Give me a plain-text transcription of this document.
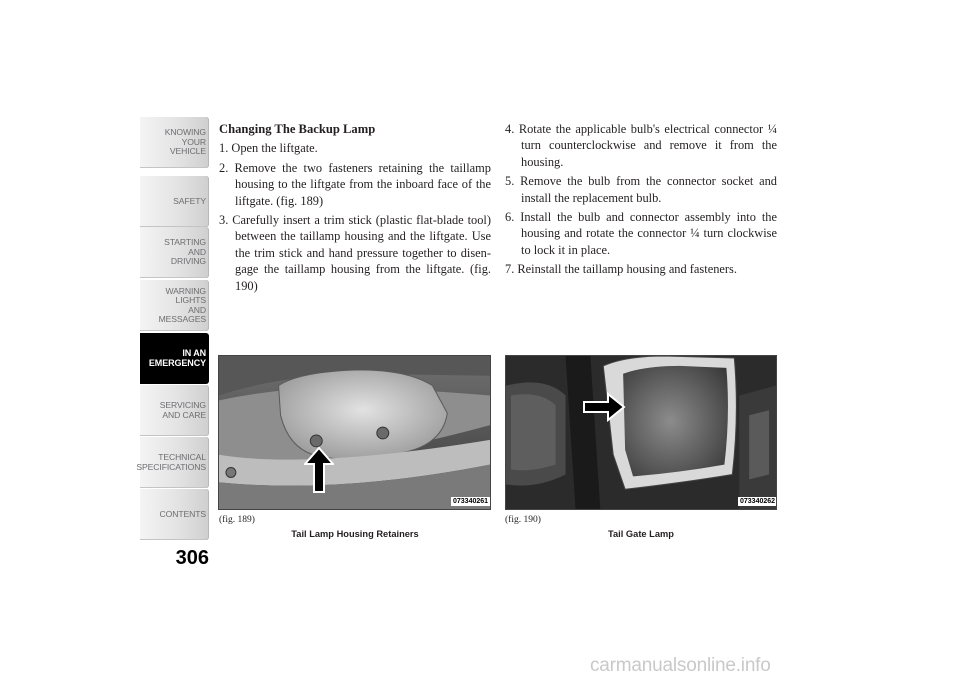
KNOWING
YOUR
VEHICLE
SAFETY
STARTING
AND
DRIVING
WARNING
LIGHTS
AND
MESSAGES
IN AN
EMERGENCY
SERVICING
AND CARE
TECHNICAL
SPECIFICATIONS
CONTENTS
306
Changing The Backup Lamp
1. Open the liftgate.
2. Remove the two fasteners retaining the taillamp housing to the liftgate from the inboard face of the liftgate. (fig. 189)
3. Carefully insert a trim stick (plastic flat-blade tool) between the taillamp housing and the liftgate. Use the trim stick and hand pressure together to disen-gage the taillamp housing from the liftgate. (fig. 190)
4. Rotate the applicable bulb's electrical connector ¼ turn counterclockwise and remove it from the housing.
5. Remove the bulb from the connector socket and install the replacement bulb.
6. Install the bulb and connector assembly into the housing and rotate the connector ¼ turn clockwise to lock it in place.
7. Reinstall the taillamp housing and fasteners.
073340261
(fig. 189)
Tail Lamp Housing Retainers
073340262
(fig. 190)
Tail Gate Lamp
carmanualsonline.info
